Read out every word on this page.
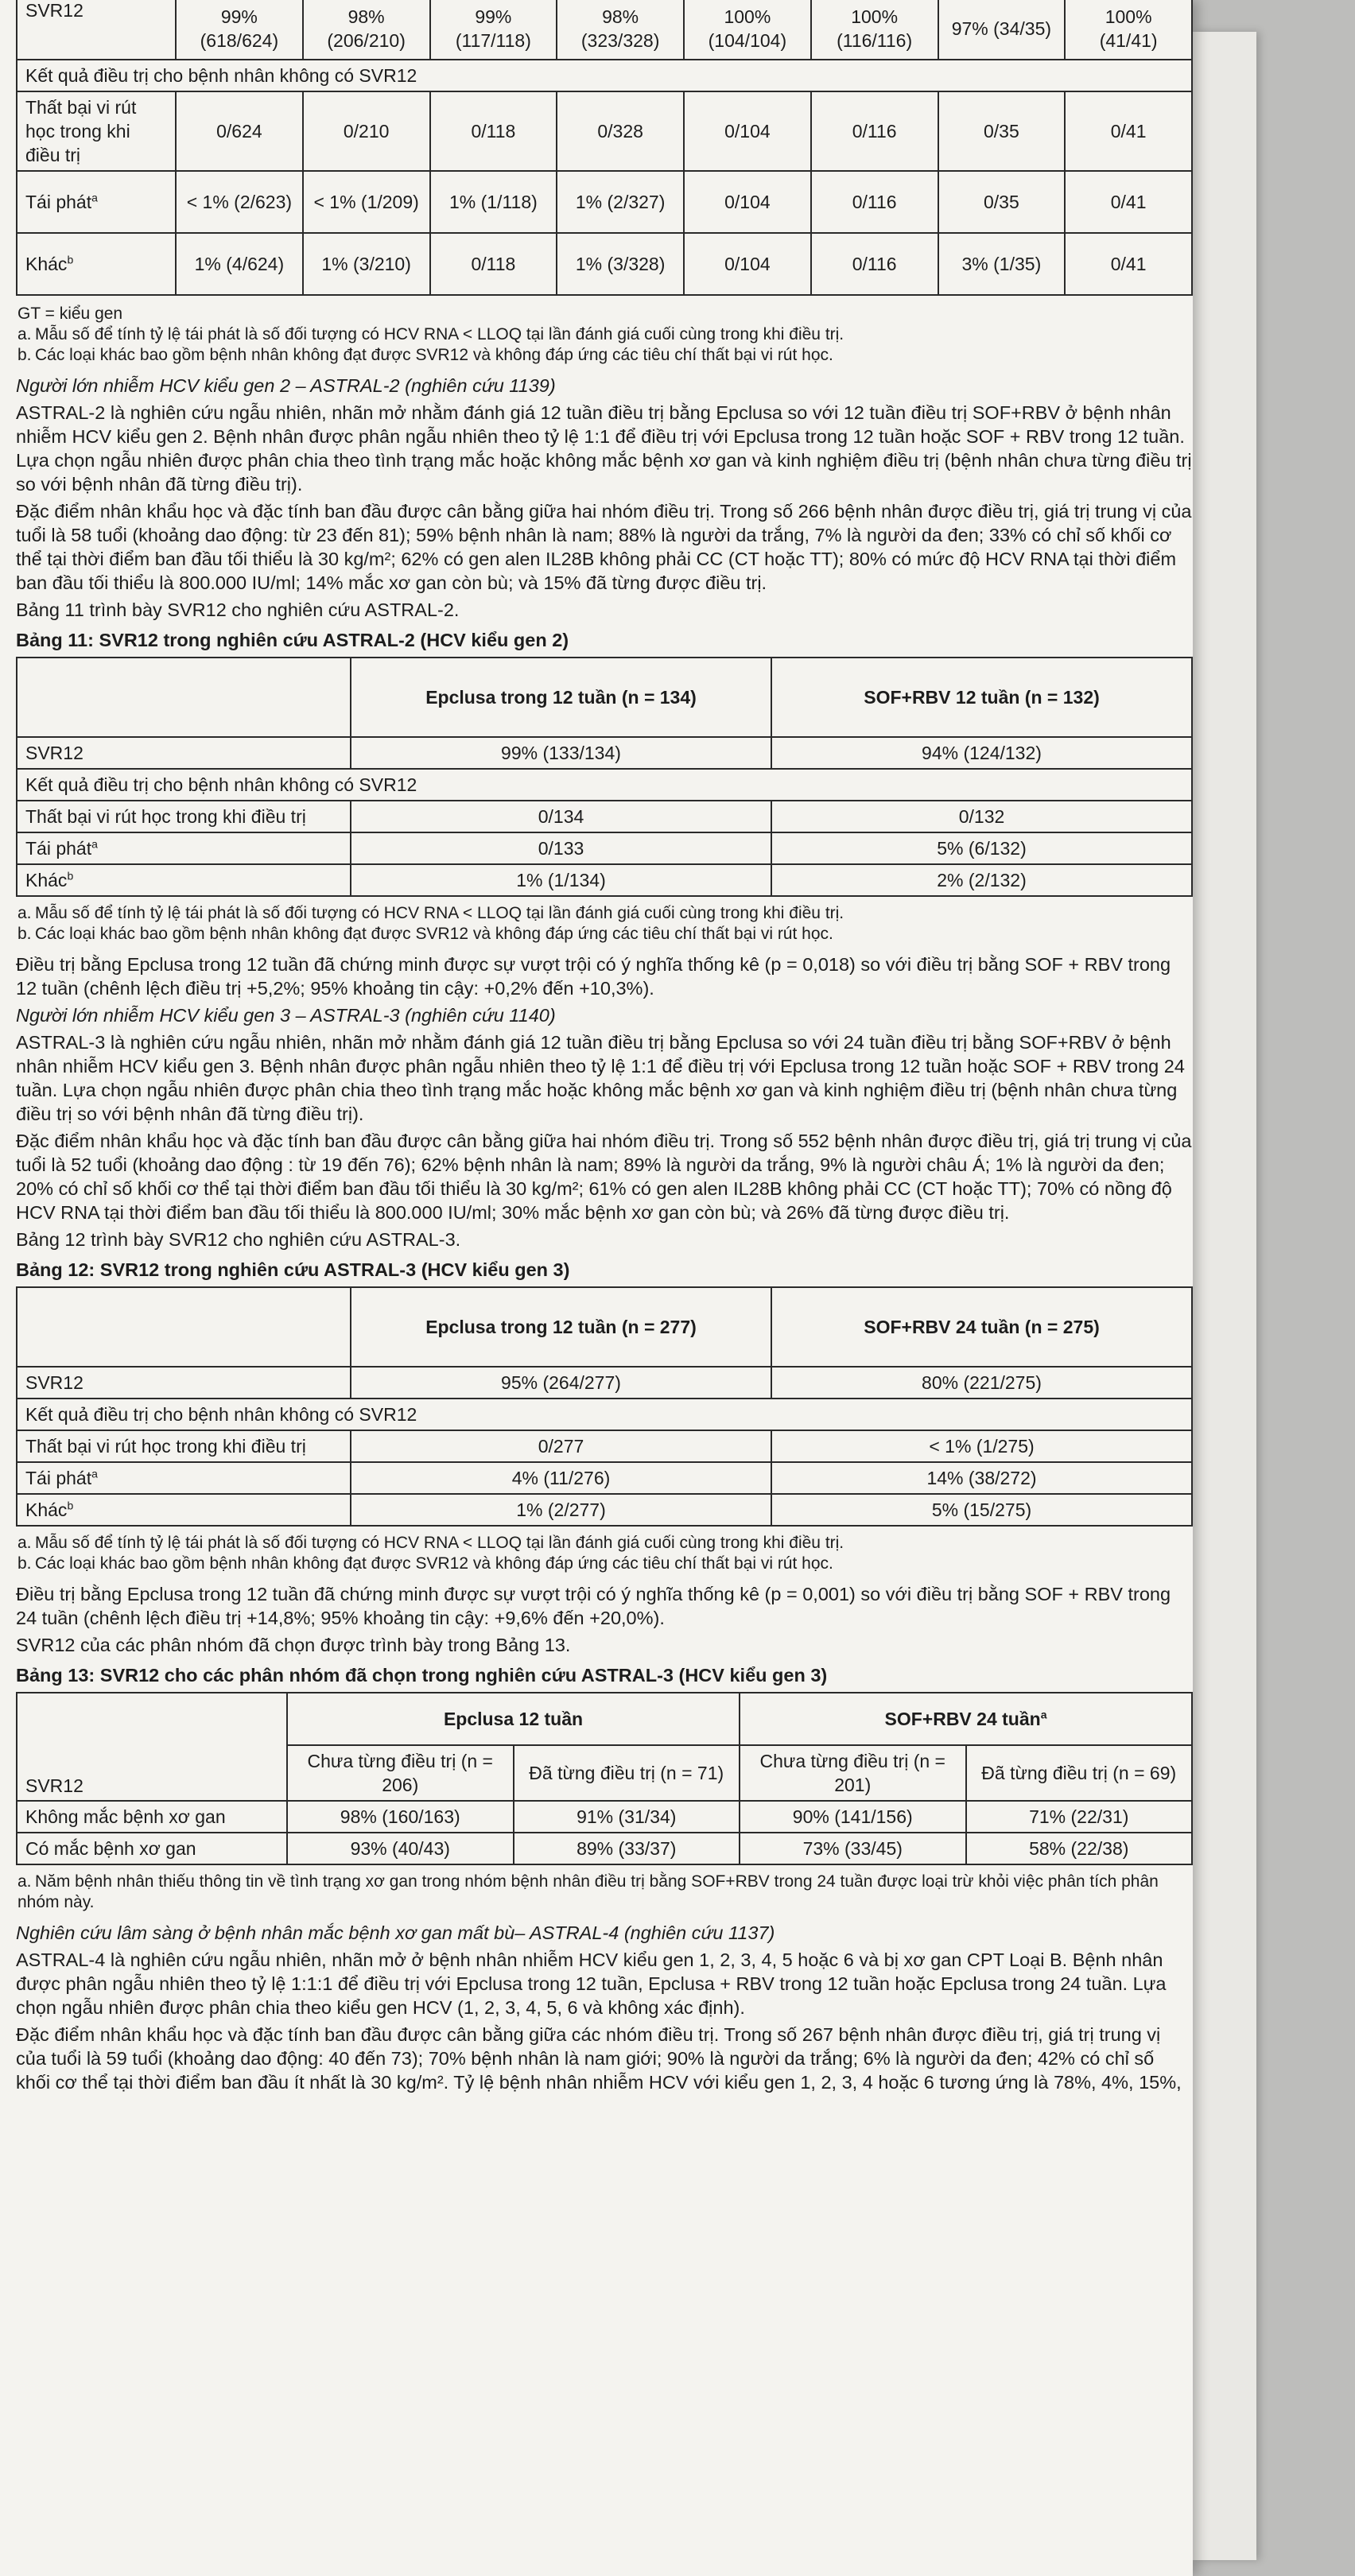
SVR12	99% (618/624)	98% (206/210)	99% (117/118)	98% (323/328)	100% (104/104)	100% (116/116)	97% (34/35)	100% (41/41)
Kết quả điều trị cho bệnh nhân không có SVR12								
Thất bại vi rút học trong khi điều trị	0/624	0/210	0/118	0/328	0/104	0/116	0/35	0/41
Tái phát$^a$	< 1% (2/623)	< 1% (1/209)	1% (1/118)	1% (2/327)	0/104	0/116	0/35	0/41
Khác$^b$	1% (4/624)	1% (3/210)	0/118	1% (3/328)	0/104	0/116	3% (1/35)	0/41
GT = kiểu gen
a. Mẫu số để tính tỷ lệ tái phát là số đối tượng có HCV RNA < LLOQ tại lần đánh giá cuối cùng trong khi điều trị.
b. Các loại khác bao gồm bệnh nhân không đạt được SVR12 và không đáp ứng các tiêu chí thất bại vi rút học.

Người lớn nhiễm HCV kiểu gen 2 – ASTRAL-2 (nghiên cứu 1139)

ASTRAL-2 là nghiên cứu ngẫu nhiên, nhãn mở nhằm đánh giá 12 tuần điều trị bằng Epclusa so với 12 tuần điều trị SOF+RBV ở bệnh nhân nhiễm HCV kiểu gen 2. Bệnh nhân được phân ngẫu nhiên theo tỷ lệ 1:1 để điều trị với Epclusa trong 12 tuần hoặc SOF + RBV trong 12 tuần. Lựa chọn ngẫu nhiên được phân chia theo tình trạng mắc hoặc không mắc bệnh xơ gan và kinh nghiệm điều trị (bệnh nhân chưa từng điều trị so với bệnh nhân đã từng điều trị).

Đặc điểm nhân khẩu học và đặc tính ban đầu được cân bằng giữa hai nhóm điều trị. Trong số 266 bệnh nhân được điều trị, giá trị trung vị của tuổi là 58 tuổi (khoảng dao động: từ 23 đến 81); 59% bệnh nhân là nam; 88% là người da trắng, 7% là người da đen; 33% có chỉ số khối cơ thể tại thời điểm ban đầu tối thiểu là 30 kg/m²; 62% có gen alen IL28B không phải CC (CT hoặc TT); 80% có mức độ HCV RNA tại thời điểm ban đầu tối thiểu là 800.000 IU/ml; 14% mắc xơ gan còn bù; và 15% đã từng được điều trị.

Bảng 11 trình bày SVR12 cho nghiên cứu ASTRAL-2.

Bảng 11: SVR12 trong nghiên cứu ASTRAL-2 (HCV kiểu gen 2)
	Epclusa trong 12 tuần (n = 134)	SOF+RBV 12 tuần (n = 132)
SVR12	99% (133/134)	94% (124/132)
Kết quả điều trị cho bệnh nhân không có SVR12		
Thất bại vi rút học trong khi điều trị	0/134	0/132
Tái phát$^a$	0/133	5% (6/132)
Khác$^b$	1% (1/134)	2% (2/132)
a. Mẫu số để tính tỷ lệ tái phát là số đối tượng có HCV RNA < LLOQ tại lần đánh giá cuối cùng trong khi điều trị.
b. Các loại khác bao gồm bệnh nhân không đạt được SVR12 và không đáp ứng các tiêu chí thất bại vi rút học.

Điều trị bằng Epclusa trong 12 tuần đã chứng minh được sự vượt trội có ý nghĩa thống kê (p = 0,018) so với điều trị bằng SOF + RBV trong 12 tuần (chênh lệch điều trị +5,2%; 95% khoảng tin cậy: +0,2% đến +10,3%).

Người lớn nhiễm HCV kiểu gen 3 – ASTRAL-3 (nghiên cứu 1140)

ASTRAL-3 là nghiên cứu ngẫu nhiên, nhãn mở nhằm đánh giá 12 tuần điều trị bằng Epclusa so với 24 tuần điều trị bằng SOF+RBV ở bệnh nhân nhiễm HCV kiểu gen 3. Bệnh nhân được phân ngẫu nhiên theo tỷ lệ 1:1 để điều trị với Epclusa trong 12 tuần hoặc SOF + RBV trong 24 tuần. Lựa chọn ngẫu nhiên được phân chia theo tình trạng mắc hoặc không mắc bệnh xơ gan và kinh nghiệm điều trị (bệnh nhân chưa từng điều trị so với bệnh nhân đã từng điều trị).

Đặc điểm nhân khẩu học và đặc tính ban đầu được cân bằng giữa hai nhóm điều trị. Trong số 552 bệnh nhân được điều trị, giá trị trung vị của tuổi là 52 tuổi (khoảng dao động : từ 19 đến 76); 62% bệnh nhân là nam; 89% là người da trắng, 9% là người châu Á; 1% là người da đen; 20% có chỉ số khối cơ thể tại thời điểm ban đầu tối thiểu là 30 kg/m²; 61% có gen alen IL28B không phải CC (CT hoặc TT); 70% có nồng độ HCV RNA tại thời điểm ban đầu tối thiểu là 800.000 IU/ml; 30% mắc bệnh xơ gan còn bù; và 26% đã từng được điều trị.

Bảng 12 trình bày SVR12 cho nghiên cứu ASTRAL-3.

Bảng 12: SVR12 trong nghiên cứu ASTRAL-3 (HCV kiểu gen 3)
	Epclusa trong 12 tuần (n = 277)	SOF+RBV 24 tuần (n = 275)
SVR12	95% (264/277)	80% (221/275)
Kết quả điều trị cho bệnh nhân không có SVR12		
Thất bại vi rút học trong khi điều trị	0/277	< 1% (1/275)
Tái phát$^a$	4% (11/276)	14% (38/272)
Khác$^b$	1% (2/277)	5% (15/275)
a. Mẫu số để tính tỷ lệ tái phát là số đối tượng có HCV RNA < LLOQ tại lần đánh giá cuối cùng trong khi điều trị.
b. Các loại khác bao gồm bệnh nhân không đạt được SVR12 và không đáp ứng các tiêu chí thất bại vi rút học.

Điều trị bằng Epclusa trong 12 tuần đã chứng minh được sự vượt trội có ý nghĩa thống kê (p = 0,001) so với điều trị bằng SOF + RBV trong 24 tuần (chênh lệch điều trị +14,8%; 95% khoảng tin cậy: +9,6% đến +20,0%).

SVR12 của các phân nhóm đã chọn được trình bày trong Bảng 13.

Bảng 13: SVR12 cho các phân nhóm đã chọn trong nghiên cứu ASTRAL-3 (HCV kiểu gen 3)
SVR12	Epclusa 12 tuần		SOF+RBV 24 tuần$^a$
	Chưa từng điều trị (n = 206)	Đã từng điều trị (n = 71)	Chưa từng điều trị (n = 201)	Đã từng điều trị (n = 69)
Không mắc bệnh xơ gan	98% (160/163)	91% (31/34)	90% (141/156)	71% (22/31)
Có mắc bệnh xơ gan	93% (40/43)	89% (33/37)	73% (33/45)	58% (22/38)
a. Năm bệnh nhân thiếu thông tin về tình trạng xơ gan trong nhóm bệnh nhân điều trị bằng SOF+RBV trong 24 tuần được loại trừ khỏi việc phân tích phân nhóm này.

Nghiên cứu lâm sàng ở bệnh nhân mắc bệnh xơ gan mất bù– ASTRAL-4 (nghiên cứu 1137)

ASTRAL-4 là nghiên cứu ngẫu nhiên, nhãn mở ở bệnh nhân nhiễm HCV kiểu gen 1, 2, 3, 4, 5 hoặc 6 và bị xơ gan CPT Loại B. Bệnh nhân được phân ngẫu nhiên theo tỷ lệ 1:1:1 để điều trị với Epclusa trong 12 tuần, Epclusa + RBV trong 12 tuần hoặc Epclusa trong 24 tuần. Lựa chọn ngẫu nhiên được phân chia theo kiểu gen HCV (1, 2, 3, 4, 5, 6 và không xác định).

Đặc điểm nhân khẩu học và đặc tính ban đầu được cân bằng giữa các nhóm điều trị. Trong số 267 bệnh nhân được điều trị, giá trị trung vị của tuổi là 59 tuổi (khoảng dao động: 40 đến 73); 70% bệnh nhân là nam giới; 90% là người da trắng; 6% là người da đen; 42% có chỉ số khối cơ thể tại thời điểm ban đầu ít nhất là 30 kg/m². Tỷ lệ bệnh nhân nhiễm HCV với kiểu gen 1, 2, 3, 4 hoặc 6 tương ứng là 78%, 4%, 15%,
